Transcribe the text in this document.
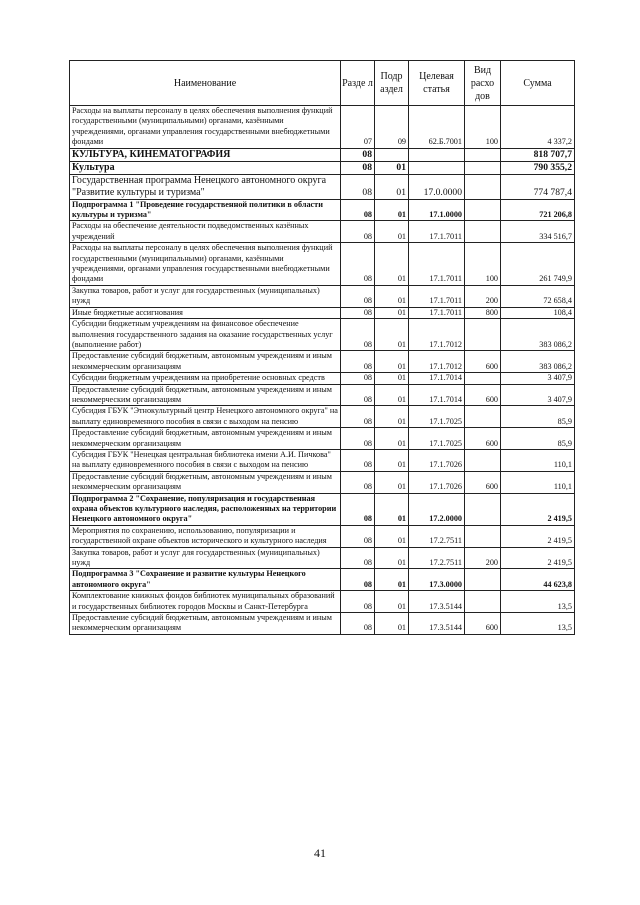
Наименование	Разде л	Подр аздел	Целевая статья	Вид расхо дов	Сумма
Расходы на выплаты персоналу в целях обеспечения выполнения функций государственными (муниципальными) органами, казёнными учреждениями, органами управления государственными внебюджетными фондами	07	09	62.Б.7001	100	4 337,2
КУЛЬТУРА, КИНЕМАТОГРАФИЯ	08				818 707,7
Культура	08	01			790 355,2
Государственная программа Ненецкого автономного округа "Развитие культуры и туризма"	08	01	17.0.0000		774 787,4
Подпрограмма 1 "Проведение государственной политики в области культуры и туризма"	08	01	17.1.0000		721 206,8
Расходы на обеспечение деятельности подведомственных казённых учреждений	08	01	17.1.7011		334 516,7
Расходы на выплаты персоналу в целях обеспечения выполнения функций государственными (муниципальными) органами, казёнными учреждениями, органами управления государственными внебюджетными фондами	08	01	17.1.7011	100	261 749,9
Закупка товаров, работ и услуг для государственных (муниципальных) нужд	08	01	17.1.7011	200	72 658,4
Иные бюджетные ассигнования	08	01	17.1.7011	800	108,4
Субсидии бюджетным учреждениям на финансовое обеспечение выполнения государственного задания на оказание государственных услуг (выполнение работ)	08	01	17.1.7012		383 086,2
Предоставление субсидий бюджетным, автономным учреждениям и иным некоммерческим организациям	08	01	17.1.7012	600	383 086,2
Субсидии бюджетным учреждениям на приобретение основных средств	08	01	17.1.7014		3 407,9
Предоставление субсидий бюджетным, автономным учреждениям и иным некоммерческим организациям	08	01	17.1.7014	600	3 407,9
Субсидия ГБУК "Этнокультурный центр Ненецкого автономного округа" на выплату единовременного пособия в связи с выходом на пенсию	08	01	17.1.7025		85,9
Предоставление субсидий бюджетным, автономным учреждениям и иным некоммерческим организациям	08	01	17.1.7025	600	85,9
Субсидия ГБУК "Ненецкая центральная библиотека имени А.И. Пичкова" на выплату единовременного пособия в связи с выходом на пенсию	08	01	17.1.7026		110,1
Предоставление субсидий бюджетным, автономным учреждениям и иным некоммерческим организациям	08	01	17.1.7026	600	110,1
Подпрограмма 2 "Сохранение, популяризация и государственная охрана объектов культурного наследия, расположенных на территории Ненецкого автономного округа"	08	01	17.2.0000		2 419,5
Мероприятия по сохранению, использованию, популяризации и государственной охране объектов исторического и культурного наследия	08	01	17.2.7511		2 419,5
Закупка товаров, работ и услуг для государственных (муниципальных) нужд	08	01	17.2.7511	200	2 419,5
Подпрограмма 3 "Сохранение и развитие культуры Ненецкого автономного округа"	08	01	17.3.0000		44 623,8
Комплектование книжных фондов библиотек муниципальных образований и государственных библиотек городов Москвы и Санкт-Петербурга	08	01	17.3.5144		13,5
Предоставление субсидий бюджетным, автономным учреждениям и иным некоммерческим организациям	08	01	17.3.5144	600	13,5
41
